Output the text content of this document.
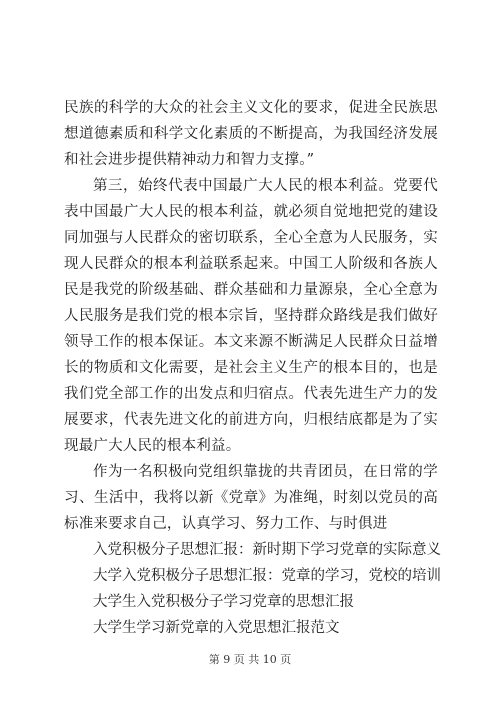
民族的科学的大众的社会主义文化的要求，促进全民族思想道德素质和科学文化素质的不断提高，为我国经济发展和社会进步提供精神动力和智力支撑。”

第三，始终代表中国最广大人民的根本利益。党要代表中国最广大人民的根本利益，就必须自觉地把党的建设同加强与人民群众的密切联系，全心全意为人民服务，实现人民群众的根本利益联系起来。中国工人阶级和各族人民是我党的阶级基础、群众基础和力量源泉，全心全意为人民服务是我们党的根本宗旨，坚持群众路线是我们做好领导工作的根本保证。本文来源不断满足人民群众日益增长的物质和文化需要，是社会主义生产的根本目的，也是我们党全部工作的出发点和归宿点。代表先进生产力的发展要求，代表先进文化的前进方向，归根结底都是为了实现最广大人民的根本利益。

作为一名积极向党组织靠拢的共青团员，在日常的学习、生活中，我将以新《党章》为准绳，时刻以党员的高标准来要求自己，认真学习、努力工作、与时俱进

入党积极分子思想汇报：新时期下学习党章的实际意义

大学入党积极分子思想汇报：党章的学习，党校的培训

大学生入党积极分子学习党章的思想汇报

大学生学习新党章的入党思想汇报范文

第 9 页 共 10 页
